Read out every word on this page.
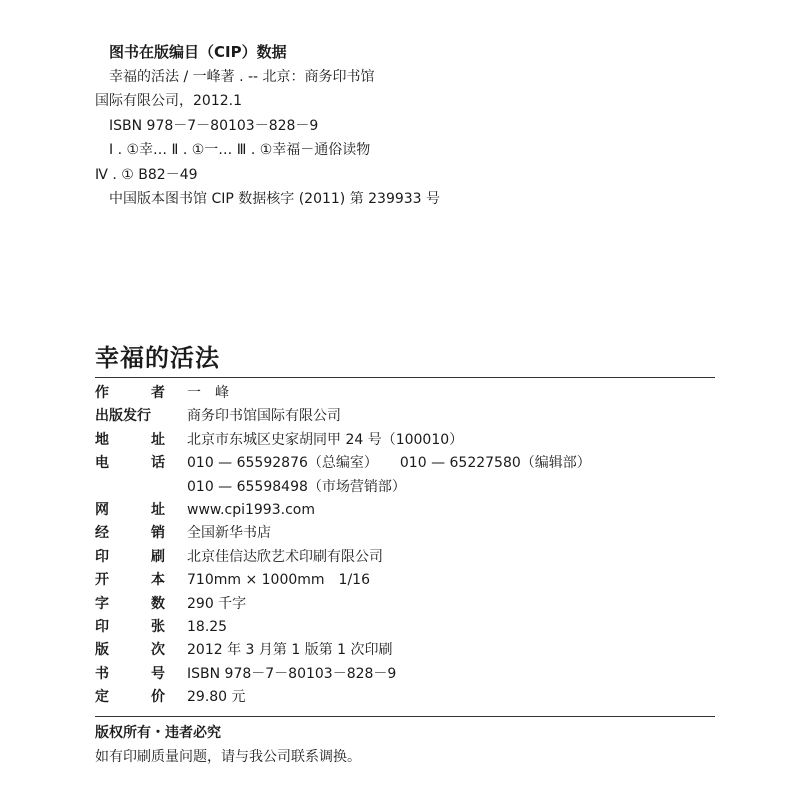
图书在版编目（CIP）数据
幸福的活法 / 一峰著 . -- 北京：商务印书馆
国际有限公司，2012.1
ISBN 978－7－80103－828－9
Ⅰ . ①幸… Ⅱ . ①一… Ⅲ . ①幸福－通俗读物
Ⅳ . ① B82－49
中国版本图书馆 CIP 数据核字 (2011) 第 239933 号
幸福的活法
作	者 一　峰
出版发行	商务印书馆国际有限公司
地	址 北京市东城区史家胡同甲 24 号（100010）
电	话 010 — 65592876（总编室） 010 — 65227580（编辑部）
010 — 65598498（市场营销部）
网	址 www.cpi1993.com
经	销 全国新华书店
印	刷 北京佳信达欣艺术印刷有限公司
开	本 710mm × 1000mm　1/16
字	数 290 千字
印	张 18.25
版	次 2012 年 3 月第 1 版第 1 次印刷
书	号 ISBN 978－7－80103－828－9
定	价 29.80 元
版权所有・违者必究
如有印刷质量问题，请与我公司联系调换。
